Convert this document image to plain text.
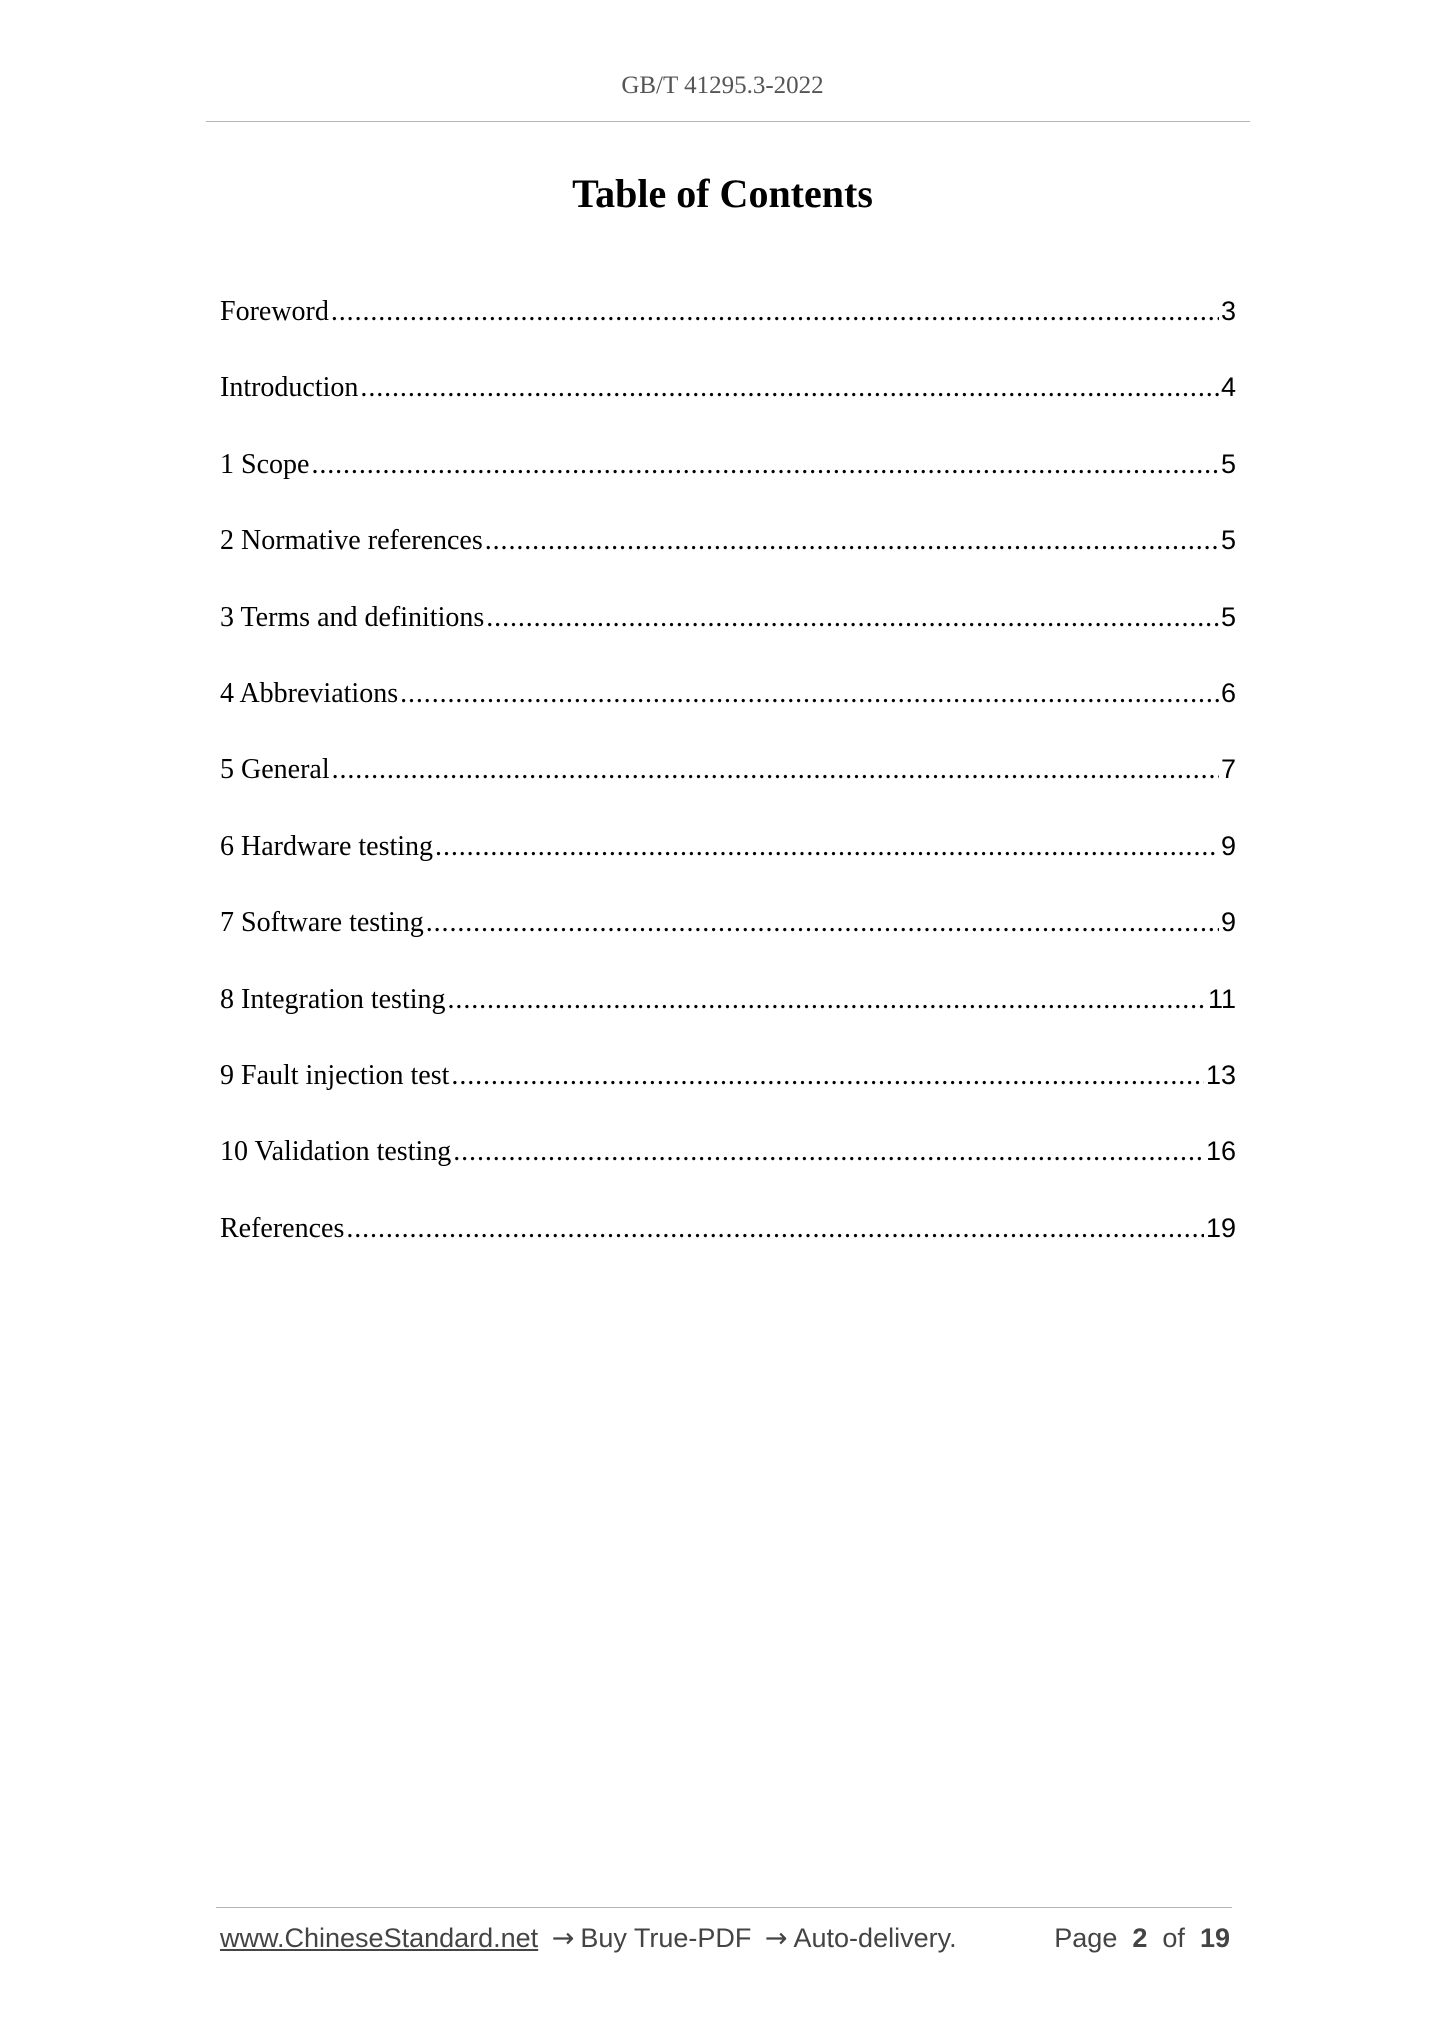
GB/T 41295.3-2022
Table of Contents
Foreword .....	3
Introduction .....	4
1 Scope .....	5
2 Normative references .....	5
3 Terms and definitions .....	5
4 Abbreviations .....	6
5 General .....	7
6 Hardware testing .....	9
7 Software testing .....	9
8 Integration testing .....	11
9 Fault injection test .....	13
10 Validation testing .....	16
References .....	19
www.ChineseStandard.net → Buy True-PDF → Auto-delivery.	Page 2 of 19
